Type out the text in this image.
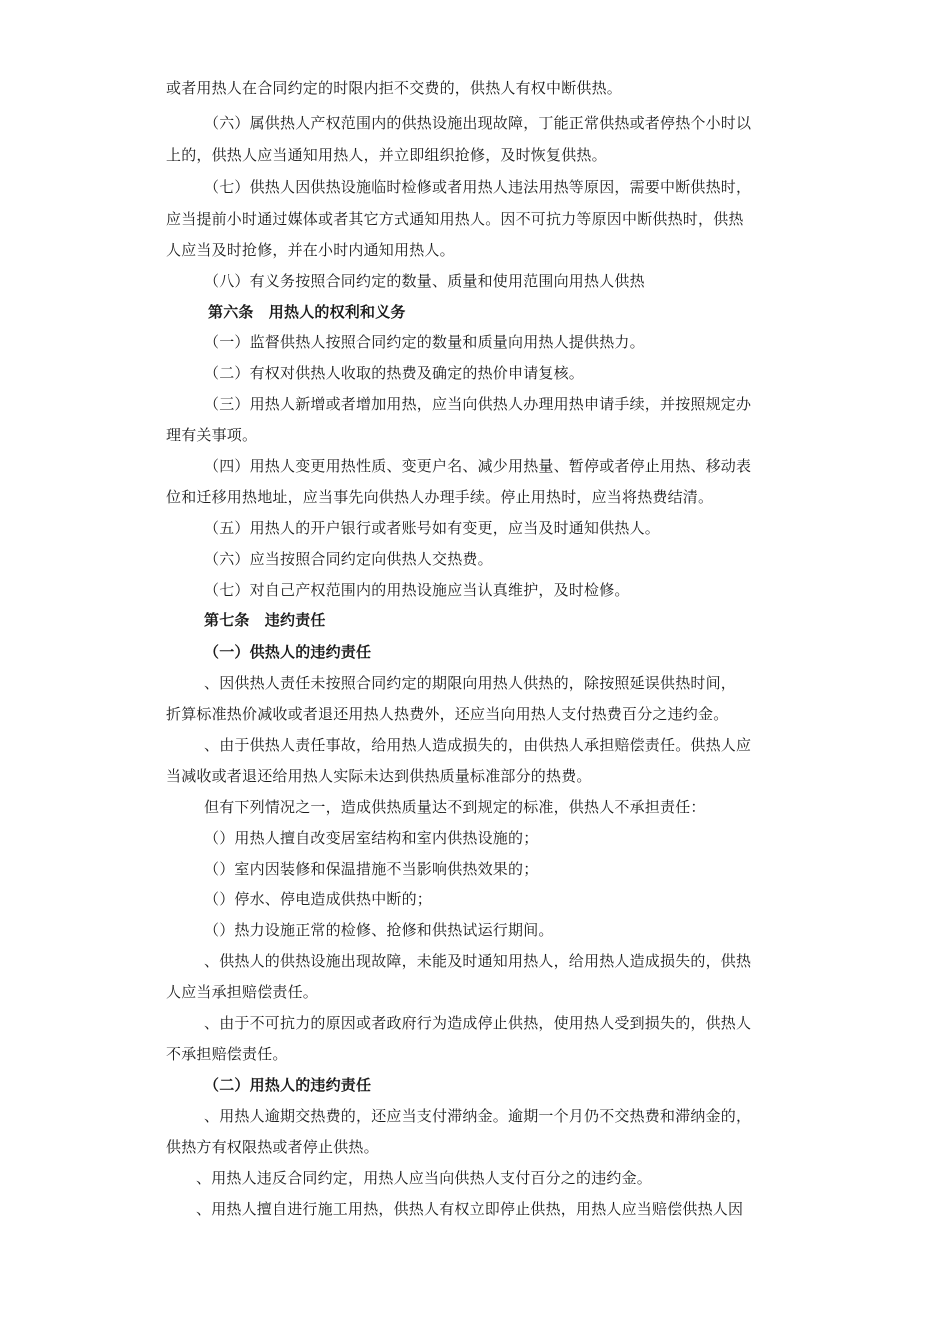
或者用热人在合同约定的时限内拒不交费的，供热人有权中断供热。

（六）属供热人产权范围内的供热设施出现故障，丁能正常供热或者停热个小时以

上的，供热人应当通知用热人，并立即组织抢修，及时恢复供热。

（七）供热人因供热设施临时检修或者用热人违法用热等原因，需要中断供热时，

应当提前小时通过媒体或者其它方式通知用热人。因不可抗力等原因中断供热时，供热

人应当及时抢修，并在小时内通知用热人。

（八）有义务按照合同约定的数量、质量和使用范围向用热人供热

第六条　用热人的权利和义务

（一）监督供热人按照合同约定的数量和质量向用热人提供热力。

（二）有权对供热人收取的热费及确定的热价申请复核。

（三）用热人新增或者增加用热，应当向供热人办理用热申请手续，并按照规定办

理有关事项。

（四）用热人变更用热性质、变更户名、减少用热量、暂停或者停止用热、移动表

位和迁移用热地址，应当事先向供热人办理手续。停止用热时，应当将热费结清。

（五）用热人的开户银行或者账号如有变更，应当及时通知供热人。

（六）应当按照合同约定向供热人交热费。

（七）对自己产权范围内的用热设施应当认真维护，及时检修。

第七条　违约责任

（一）供热人的违约责任

、因供热人责任未按照合同约定的期限向用热人供热的，除按照延误供热时间，

折算标准热价减收或者退还用热人热费外，还应当向用热人支付热费百分之违约金。

、由于供热人责任事故，给用热人造成损失的，由供热人承担赔偿责任。供热人应

当减收或者退还给用热人实际未达到供热质量标准部分的热费。

但有下列情况之一，造成供热质量达不到规定的标准，供热人不承担责任：

（）用热人擅自改变居室结构和室内供热设施的；

（）室内因装修和保温措施不当影响供热效果的；

（）停水、停电造成供热中断的；

（）热力设施正常的检修、抢修和供热试运行期间。

、供热人的供热设施出现故障，未能及时通知用热人，给用热人造成损失的，供热

人应当承担赔偿责任。

、由于不可抗力的原因或者政府行为造成停止供热，使用热人受到损失的，供热人

不承担赔偿责任。

（二）用热人的违约责任

、用热人逾期交热费的，还应当支付滞纳金。逾期一个月仍不交热费和滞纳金的，

供热方有权限热或者停止供热。

、用热人违反合同约定，用热人应当向供热人支付百分之的违约金。

、用热人擅自进行施工用热，供热人有权立即停止供热，用热人应当赔偿供热人因
